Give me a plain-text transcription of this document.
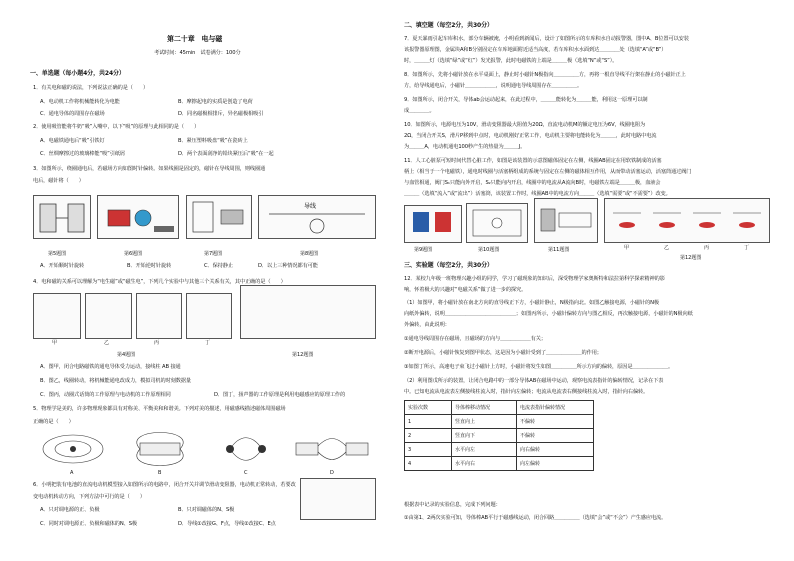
第二十章　电与磁
考试时间：45min　试卷满分：100分
一、单选题（每小题4分，共24分）
1．有关电和磁的说法，下列说法正确的是（　　）
A．电动机工作将机械能转化为电能	B．摩擦起电的实质是创造了电荷
C．通电导体的周围存在磁场	D．同名磁极相排斥，异名磁极相吸引
2．使用吸管能将牛奶“吸”入嘴中，以下“吸”的原理与此相同的是（　　）
A．电磁铁通电后“吸”引铁钉	B．紧压塑料吸盘“吸”在瓷砖上
C．丝绸摩擦过的玻璃棒能“吸”引纸屑	D．两个表面刮净的铅块紧压后“吸”在一起
3．如图所示，绕圈通电后，若磁场方向如图时针偏转。如果线圈是固定的，磁针在导线周围，则线圈通
电后，磁针将（　　）
导线
第5题图	第6题图	第7题图	第8题图
A．开始顺时针旋转	B．开始逆时针旋转	C．保持静止	D．以上三种情况都有可能
4．电和磁的关系可以理解为“电生磁”或“磁生电”，下列几个实验中与其他三个关系有关，其中正确的是（　　）
甲	乙	丙	丁
第4题图	第12题图
A．图甲，闭合电路磁铁的通电导体受力运动，接线柱 AB 接通
B．图乙，线圈转动，将机械能通电改成力，模拟司机的时刻数据量
C．图丙，动圈式话筒的工作原理与电动机的工作原理相同	D．图丁，扬声器的工作原理是利用电磁感应的原理工作的
5．物理学是美的，许多物理现象都具有对称美、平衡美和和谐美。下列对美的描述，用磁感线描述磁体周围磁场
正确的是（　　）
A	B	C	D
6．小明把装有电池的直流电动机模型接入如图所示的电路中，闭合开关并调节滑动变阻器，电动机正常转动，若要改
变电动机转动方向，下列方法中可行的是（　　）
A．只对调电源的正、负极	B．只对调磁体的N、S极
C．同时对调电源正、负极和磁体的N、S极	D．导线①改接G、F点，导线②改接C、E点
二、填空题（每空2分，共30分）
7．夏天暴雨引起车库积水，部分车辆被淹，小明看到新闻后，设计了如图所示的车库积水自动报警器，图中A、B位置可以安装
该报警器原理图，金属块A和B分别固定在车库地面附近适当高度，若车库积水水面到达＿＿＿＿处（选填“A”或“B”）
时，＿＿＿灯（选填“绿”或“红”）发光报警，此时电磁铁的上端是＿＿＿极（选填“N”或“S”）。
8．如图所示，先将小磁针放在水平桌面上，静止时小磁针N极指向＿＿＿＿＿方，再将一根直导线平行架在静止的小磁针正上
方，给导线通电后，小磁针＿＿＿＿＿＿，说明通电导线周围存在＿＿＿＿＿。
9．如图所示，闭合开关，导体ab会运动起来，在此过程中，＿＿＿能转化为＿＿＿能，利用这一原理可以制
成＿＿＿＿。
10．如图所示，电源电压为10V，滑动变阻器最大阻值为20Ω，直流电动机M的额定电压为6V，线圈电阻为
2Ω，当闭合开关S，滑片P移到中点时，电动机刚好正常工作，电动机主要将电能转化为＿＿＿，此时电路中电流
为＿＿＿A，电动机通电100秒产生的热量为＿＿＿J。
11．人工心脏泵可短时间代替心脏工作，如图是该装置的示意图磁体固定在左侧，线圈AB固定在用软铁制成的活塞
柄上（相当于一个电磁铁），通电时线圈与活塞柄组成的系统与固定在左侧的磁体相互作用，从而带动活塞运动，活塞筒通过阀门
与血管相通，阀门S₁只能向外开启，S₂只能向内开启，线圈中的电流从A流向B时，电磁铁左端是＿＿＿极，血液会
＿＿＿（选填“流入”或“流出”）活塞筒，该装置工作时，线圈AB中的电流方向＿＿＿（选填“需要”或“不需要”）改变。
甲	乙	丙	丁
第9题图	第10题图	第11题图
第12题图
三、实验题（每空2分，共30分）
12．某校九年级一班物理兴趣小组的同学，学习了磁现象的知识后，深受物理学家奥斯特和法拉第科学探索精神的影
响，怀着极大的兴趣对“电磁关系”做了进一步的探究。
（1）如图甲，将小磁针放在南北方向的直导线正下方，小磁针静止，N极指向北。如图乙触接电源，小磁针的N极
向纸外偏转，说明＿＿＿＿＿＿＿＿＿＿＿＿＿＿；如图丙所示，小磁针偏转方向与图乙相反，再次触接电源，小磁针的N极向纸
外偏转，由此说明：
①通电导线周围存在磁场，且磁场的方向与＿＿＿＿＿＿有关；
②断开电源后，小磁针恢复到图甲状态，这是因为小磁针受到了＿＿＿＿＿＿＿的作用；
③如图丁所示，高速电子束飞过小磁针上方时，小磁针将发生如图＿＿＿＿＿所示方向的偏转，原因是＿＿＿＿＿＿＿。
（2）利用图戊所示的装置，让闭合电路中的一部分导体AB在磁场中运动，观察电流表指针的偏转情况，记录在下表
中。已知电流从电流表左侧接线柱流入时，指针向左偏转；电流从电流表右侧接线柱流入时，指针向右偏转。
实验次数	导体棒移动情况	电流表指针偏转情况
1	竖直向上	不偏转
2	竖直向下	不偏转
3	水平向左	向右偏转
4	水平向右	向左偏转
根据表中记录的实验信息，完成下列问题：
①由第1、2两次实验可知，导体棒AB平行于磁感线运动，闭合回路＿＿＿＿＿（选填“会”或“不会”）产生感应电流。
